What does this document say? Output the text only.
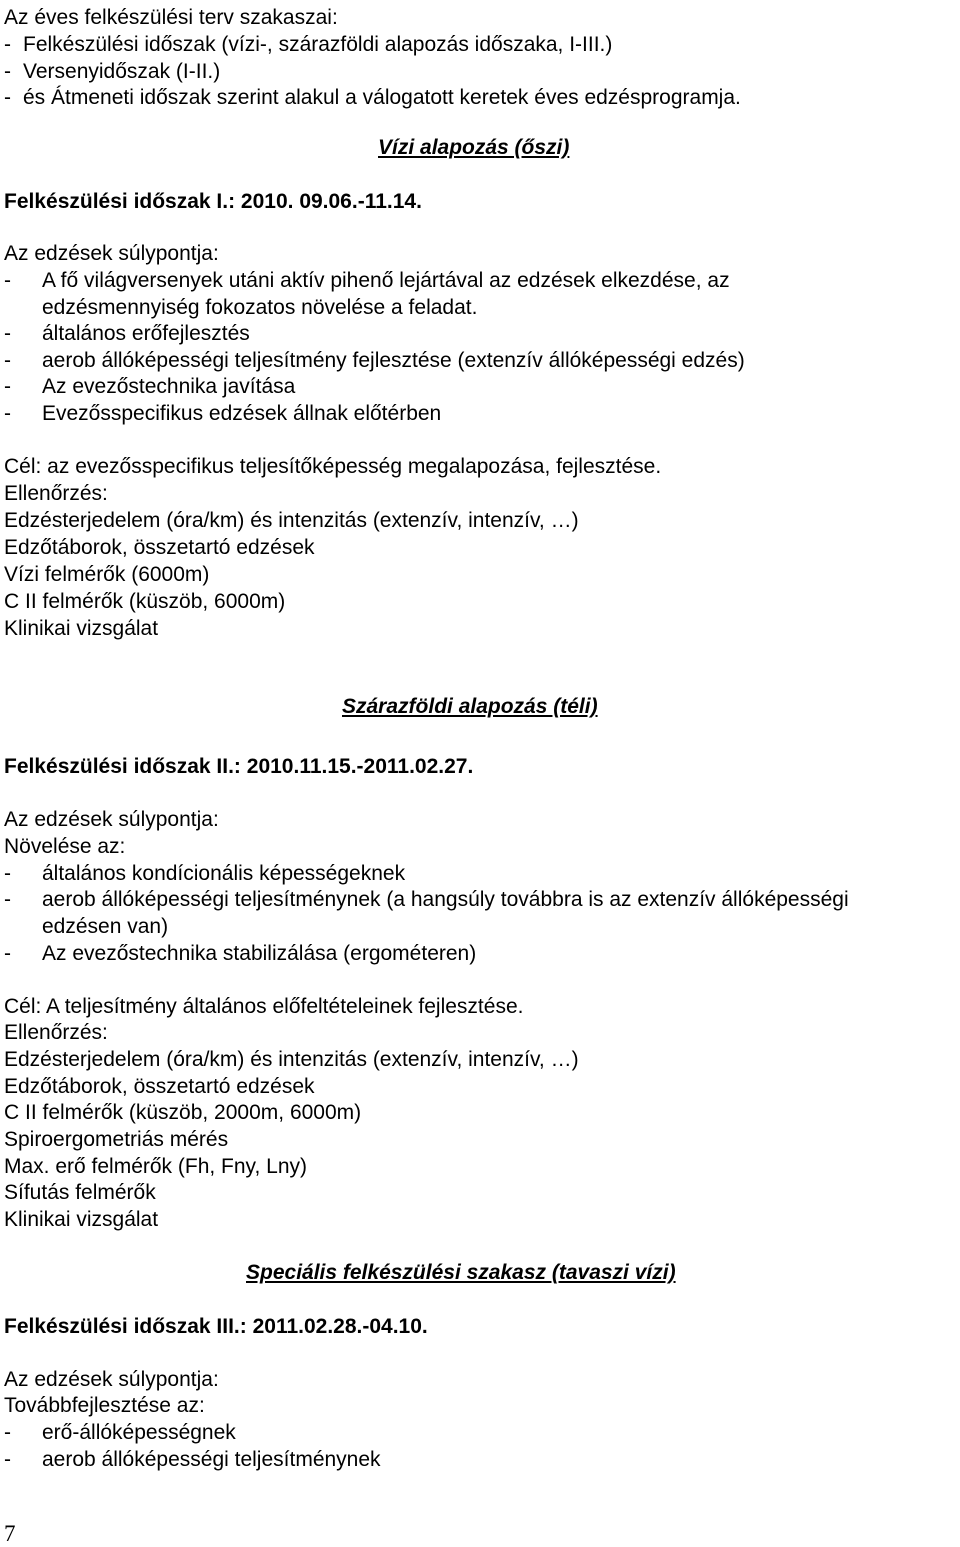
Az éves felkészülési terv szakaszai:
- Felkészülési időszak (vízi-, szárazföldi alapozás időszaka, I-III.)
- Versenyidőszak (I-II.)
- és Átmeneti időszak szerint alakul a válogatott keretek éves edzésprogramja.
Vízi alapozás (őszi)
Felkészülési időszak I.: 2010. 09.06.-11.14.
Az edzések súlypontja:
- A fő világversenyek utáni aktív pihenő lejártával az edzések elkezdése, az
edzésmennyiség fokozatos növelése a feladat.
- általános erőfejlesztés
- aerob állóképességi teljesítmény fejlesztése (extenzív állóképességi edzés)
- Az evezőstechnika javítása
- Evezősspecifikus edzések állnak előtérben
Cél: az evezősspecifikus teljesítőképesség megalapozása, fejlesztése.
Ellenőrzés:
Edzésterjedelem (óra/km) és intenzitás (extenzív, intenzív, …)
Edzőtáborok, összetartó edzések
Vízi felmérők (6000m)
C II felmérők (küszöb, 6000m)
Klinikai vizsgálat
Szárazföldi alapozás (téli)
Felkészülési időszak II.: 2010.11.15.-2011.02.27.
Az edzések súlypontja:
Növelése az:
- általános kondícionális képességeknek
- aerob állóképességi teljesítménynek (a hangsúly továbbra is az extenzív állóképességi
edzésen van)
- Az evezőstechnika stabilizálása (ergométeren)
Cél: A teljesítmény általános előfeltételeinek fejlesztése.
Ellenőrzés:
Edzésterjedelem (óra/km) és intenzitás (extenzív, intenzív, …)
Edzőtáborok, összetartó edzések
C II felmérők (küszöb, 2000m, 6000m)
Spiroergometriás mérés
Max. erő felmérők (Fh, Fny, Lny)
Sífutás felmérők
Klinikai vizsgálat
Speciális felkészülési szakasz (tavaszi vízi)
Felkészülési időszak III.: 2011.02.28.-04.10.
Az edzések súlypontja:
Továbbfejlesztése az:
- erő-állóképességnek
- aerob állóképességi teljesítménynek
7
